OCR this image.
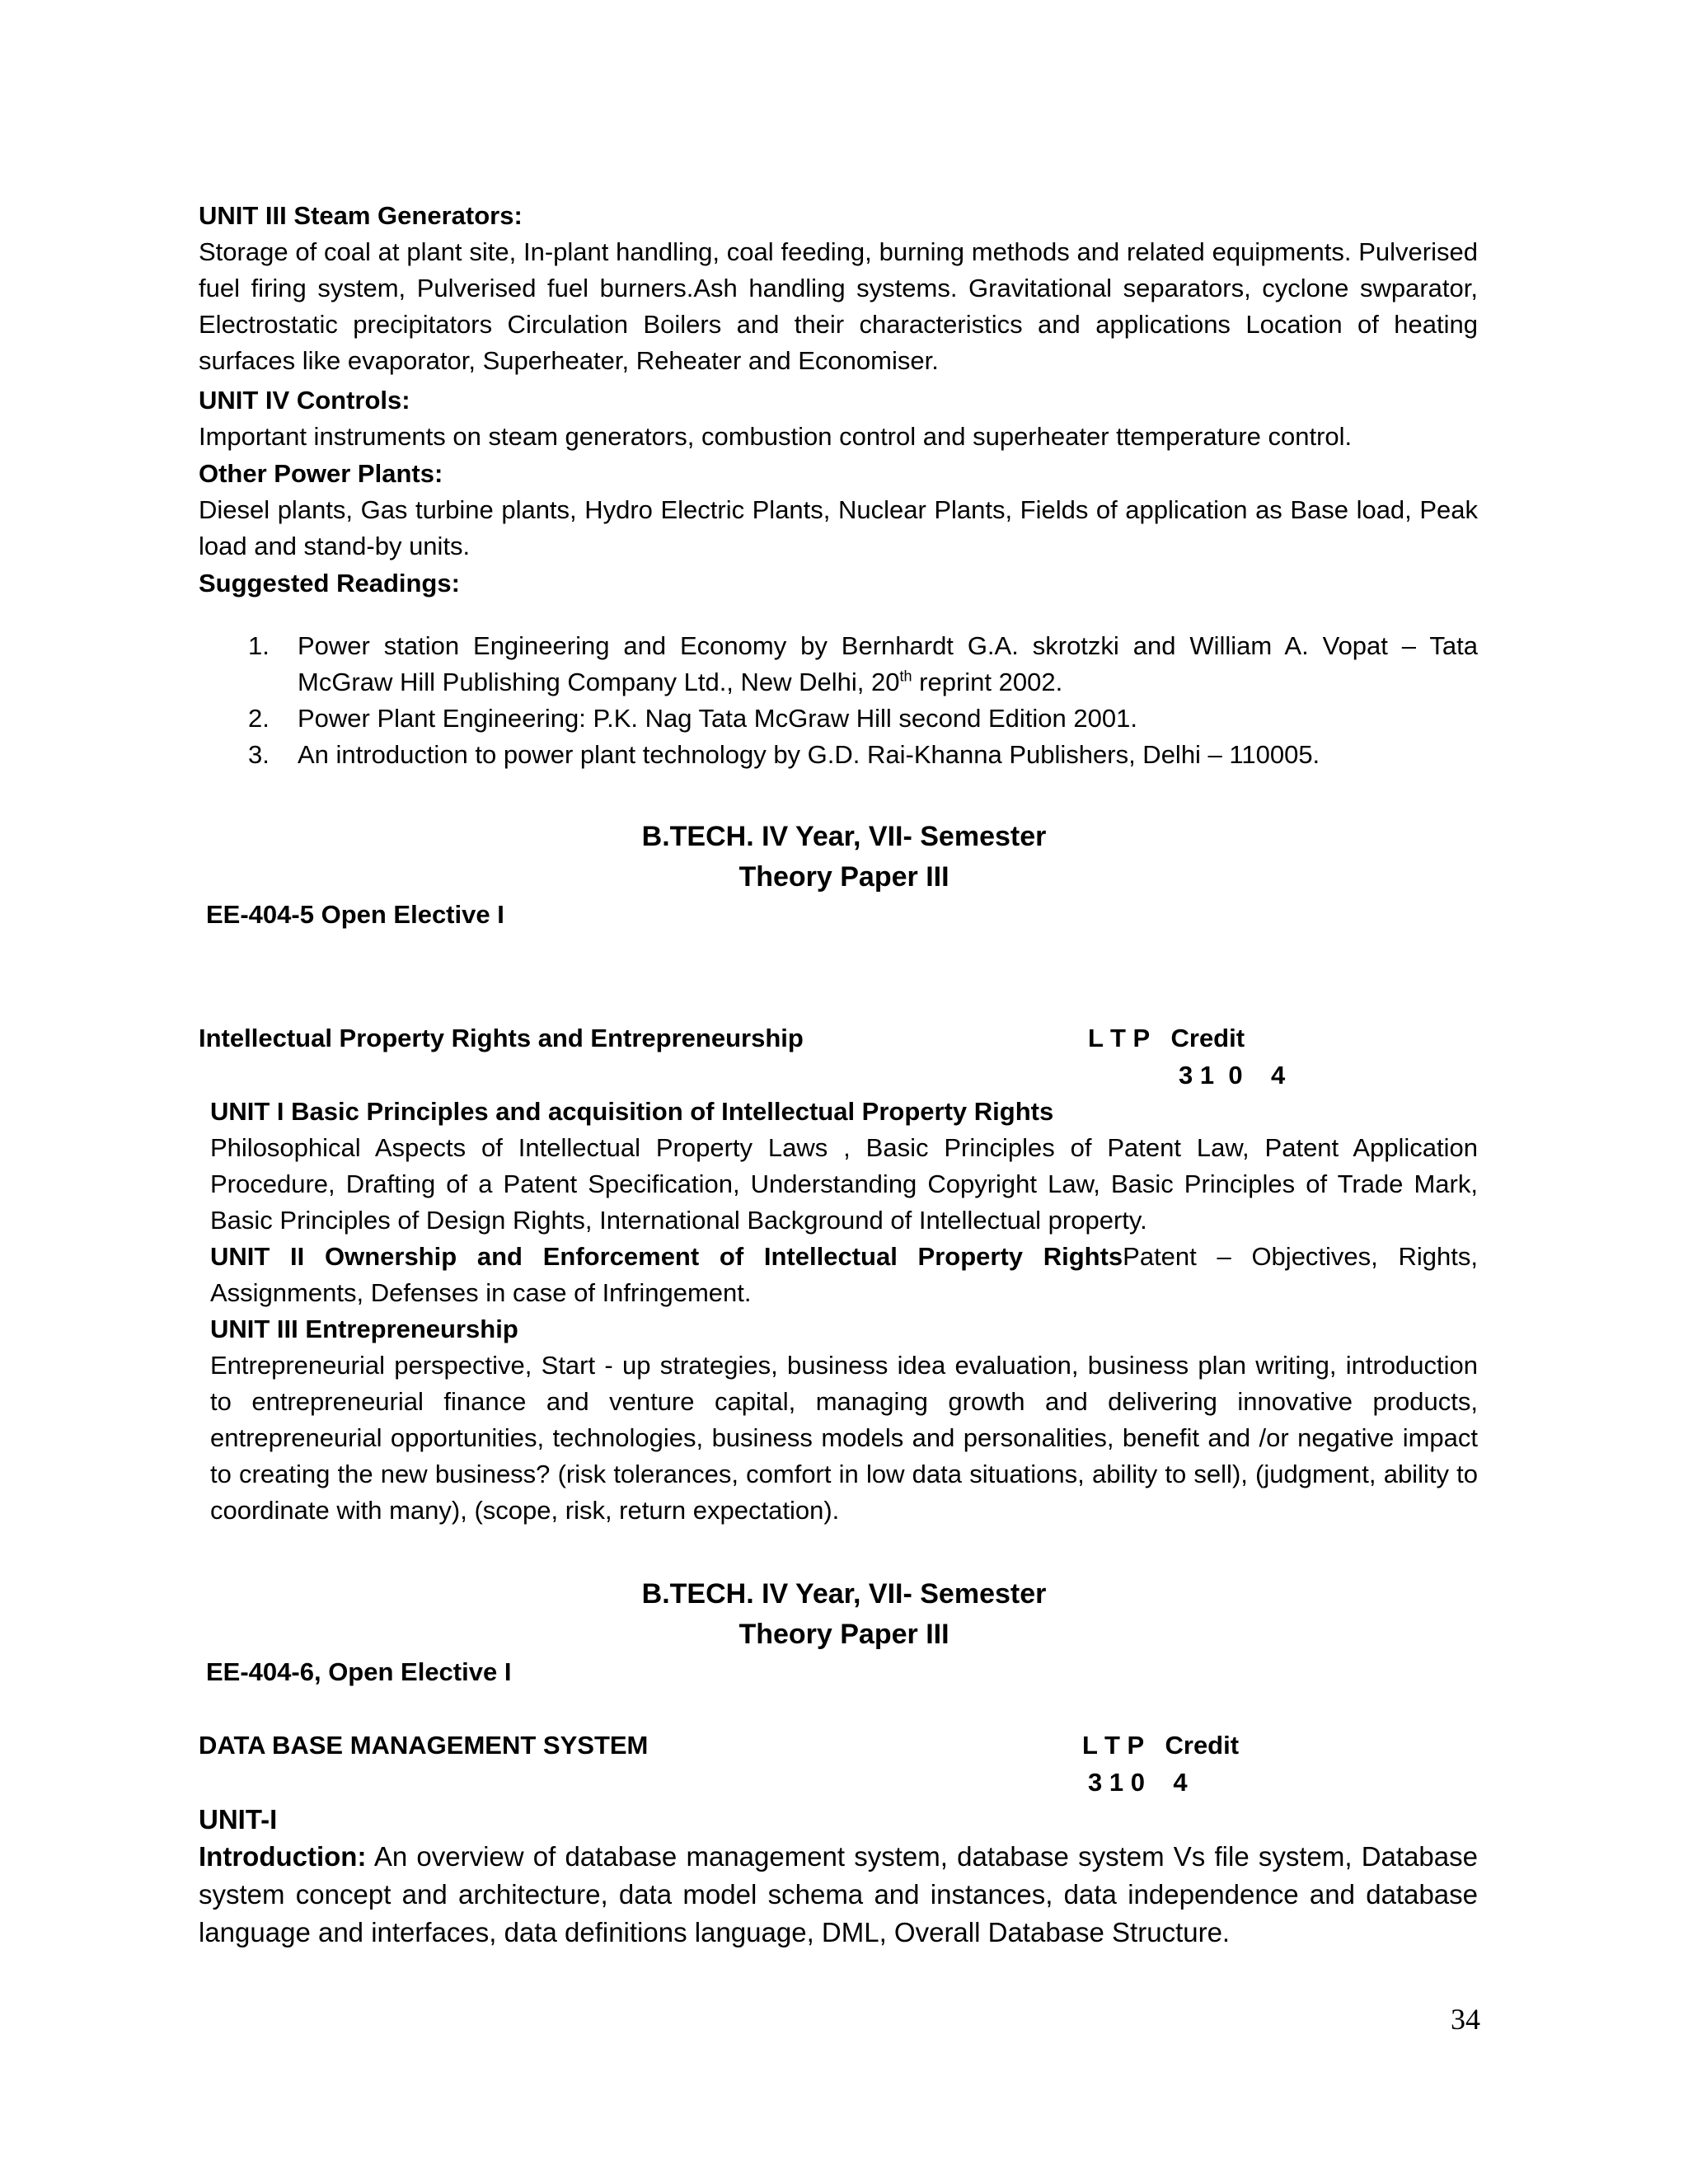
UNIT III Steam Generators:
Storage of coal at plant site, In-plant handling, coal feeding, burning methods and related equipments. Pulverised fuel firing system, Pulverised fuel burners.Ash handling systems. Gravitational separators, cyclone swparator, Electrostatic precipitators Circulation Boilers and their characteristics and applications Location of heating surfaces like evaporator, Superheater, Reheater and Economiser.
UNIT IV Controls:
Important instruments on steam generators, combustion control and superheater ttemperature control.
Other Power Plants:
Diesel plants, Gas turbine plants, Hydro Electric Plants, Nuclear Plants, Fields of application as Base load, Peak load and stand-by units.
Suggested Readings:
1. Power station Engineering and Economy by Bernhardt G.A. skrotzki and William A. Vopat – Tata McGraw Hill Publishing Company Ltd., New Delhi, 20th reprint 2002.
2. Power Plant Engineering: P.K. Nag Tata McGraw Hill second Edition 2001.
3. An introduction to power plant technology by G.D. Rai-Khanna Publishers, Delhi – 110005.
B.TECH. IV Year, VII- Semester
Theory Paper III
EE-404-5 Open Elective I
Intellectual Property Rights and Entrepreneurship	L T P   Credit
3 1  0    4
UNIT I Basic Principles and acquisition of Intellectual Property Rights
Philosophical Aspects of Intellectual Property Laws , Basic Principles of Patent Law, Patent Application Procedure, Drafting of a Patent Specification, Understanding Copyright Law, Basic Principles of Trade Mark, Basic Principles of Design Rights, International Background of Intellectual property.
UNIT II Ownership and Enforcement of Intellectual Property RightsPatent – Objectives, Rights, Assignments, Defenses in case of Infringement.
UNIT III Entrepreneurship
Entrepreneurial perspective, Start - up strategies, business idea evaluation, business plan writing, introduction to entrepreneurial finance and venture capital, managing growth and delivering innovative products, entrepreneurial opportunities, technologies, business models and personalities, benefit and /or negative impact to creating the new business? (risk tolerances, comfort in low data situations, ability to sell), (judgment, ability to coordinate with many), (scope, risk, return expectation).
B.TECH. IV Year, VII- Semester
Theory Paper III
EE-404-6, Open Elective I
DATA BASE MANAGEMENT SYSTEM	L T P   Credit
3 1 0    4
UNIT-I
Introduction: An overview of database management system, database system Vs file system, Database system concept and architecture, data model schema and instances, data independence and database language and interfaces, data definitions language, DML, Overall Database Structure.
34
